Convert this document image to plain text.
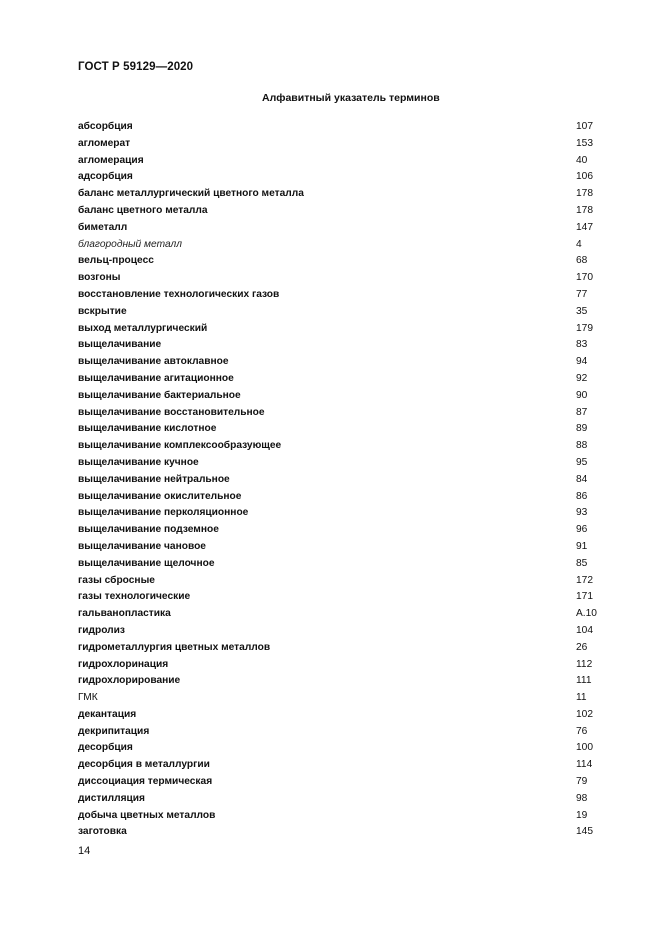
ГОСТ Р 59129—2020
Алфавитный указатель терминов
абсорбция	107
агломерат	153
агломерация	40
адсорбция	106
баланс металлургический цветного металла	178
баланс цветного металла	178
биметалл	147
благородный металл	4
вельц-процесс	68
возгоны	170
восстановление технологических газов	77
вскрытие	35
выход металлургический	179
выщелачивание	83
выщелачивание автоклавное	94
выщелачивание агитационное	92
выщелачивание бактериальное	90
выщелачивание восстановительное	87
выщелачивание кислотное	89
выщелачивание комплексообразующее	88
выщелачивание кучное	95
выщелачивание нейтральное	84
выщелачивание окислительное	86
выщелачивание перколяционное	93
выщелачивание подземное	96
выщелачивание чановое	91
выщелачивание щелочное	85
газы сбросные	172
газы технологические	171
гальванопластика	А.10
гидролиз	104
гидрометаллургия цветных металлов	26
гидрохлоринация	112
гидрохлорирование	111
ГМК	11
декантация	102
декрипитация	76
десорбция	100
десорбция в металлургии	114
диссоциация термическая	79
дистилляция	98
добыча цветных металлов	19
заготовка	145
14
